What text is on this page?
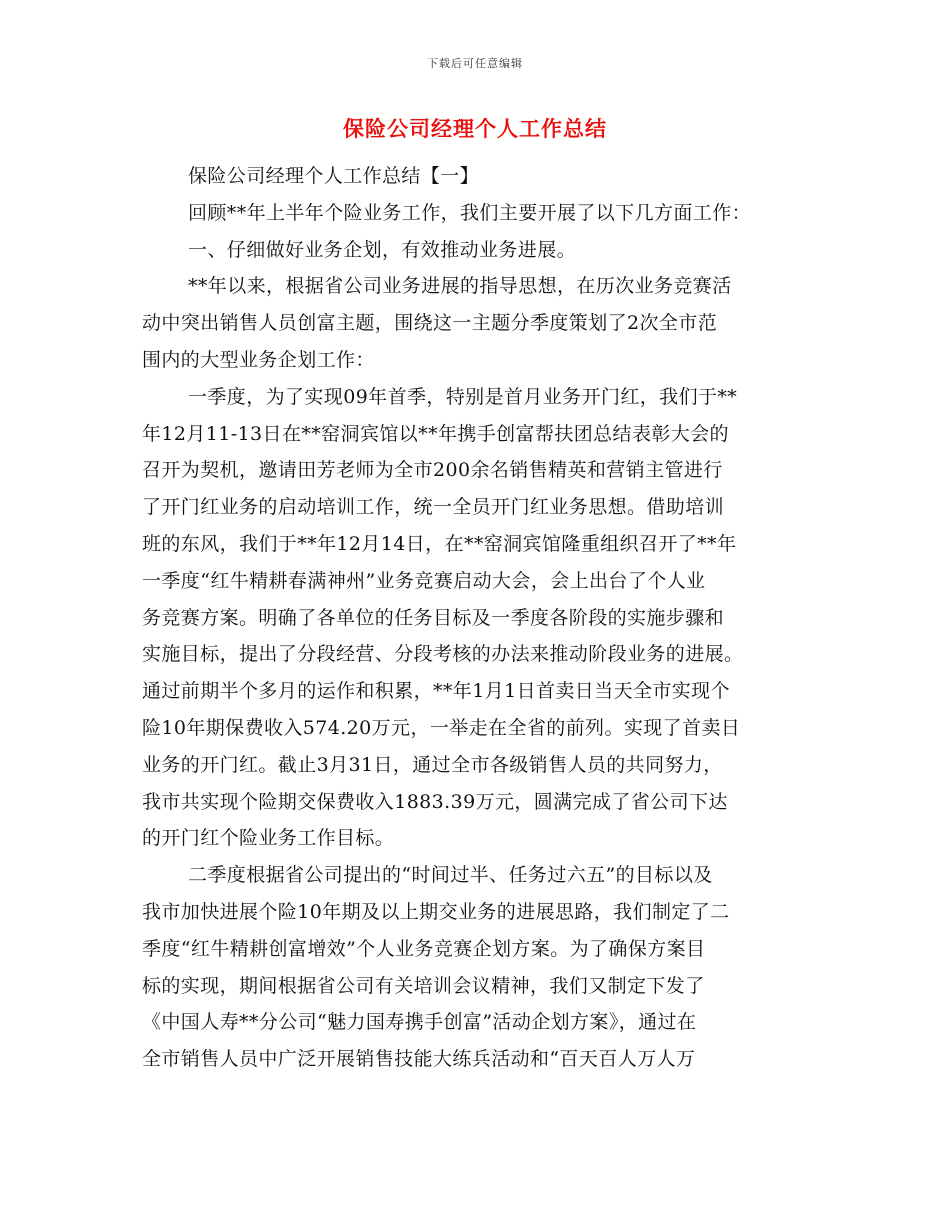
下载后可任意编辑
保险公司经理个人工作总结
保险公司经理个人工作总结【一】
回顾**年上半年个险业务工作，我们主要开展了以下几方面工作：
一、仔细做好业务企划，有效推动业务进展。
**年以来，根据省公司业务进展的指导思想，在历次业务竞赛活
动中突出销售人员创富主题，围绕这一主题分季度策划了2次全市范
围内的大型业务企划工作：
一季度，为了实现09年首季，特别是首月业务开门红，我们于**
年12月11-13日在**窑洞宾馆以**年携手创富帮扶团总结表彰大会的
召开为契机，邀请田芳老师为全市200余名销售精英和营销主管进行
了开门红业务的启动培训工作，统一全员开门红业务思想。借助培训
班的东风，我们于**年12月14日，在**窑洞宾馆隆重组织召开了**年
一季度“红牛精耕春满神州”业务竞赛启动大会，会上出台了个人业
务竞赛方案。明确了各单位的任务目标及一季度各阶段的实施步骤和
实施目标，提出了分段经营、分段考核的办法来推动阶段业务的进展。
通过前期半个多月的运作和积累，**年1月1日首卖日当天全市实现个
险10年期保费收入574.20万元，一举走在全省的前列。实现了首卖日
业务的开门红。截止3月31日，通过全市各级销售人员的共同努力，
我市共实现个险期交保费收入1883.39万元，圆满完成了省公司下达
的开门红个险业务工作目标。
二季度根据省公司提出的“时间过半、任务过六五”的目标以及
我市加快进展个险10年期及以上期交业务的进展思路，我们制定了二
季度“红牛精耕创富增效”个人业务竞赛企划方案。为了确保方案目
标的实现，期间根据省公司有关培训会议精神，我们又制定下发了
《中国人寿**分公司“魅力国寿携手创富”活动企划方案》，通过在
全市销售人员中广泛开展销售技能大练兵活动和“百天百人万人万
